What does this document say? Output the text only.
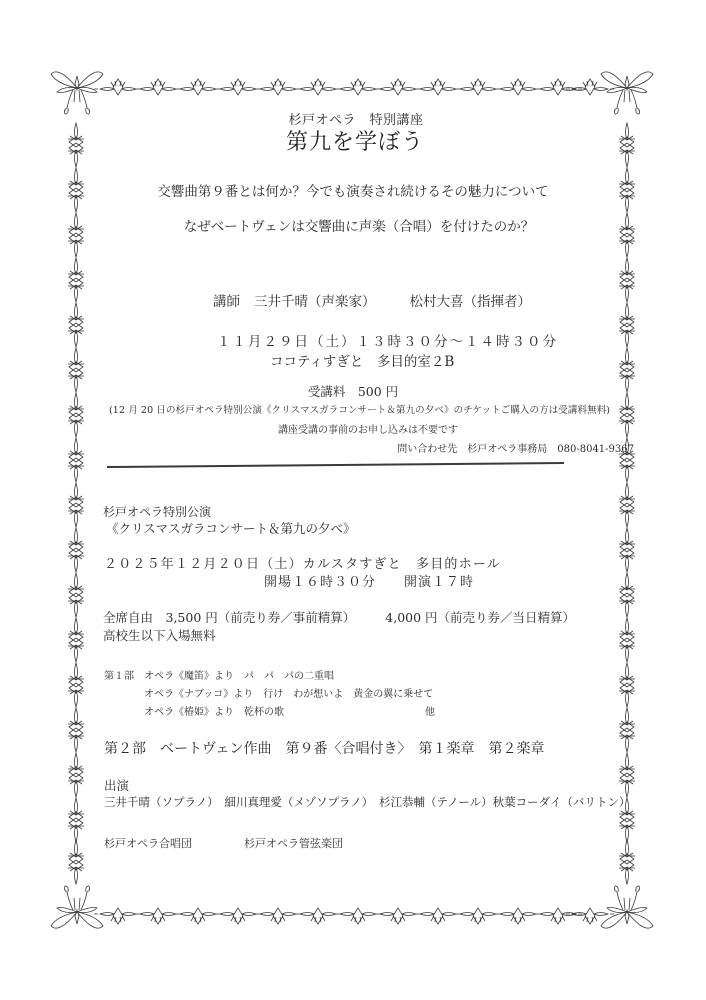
杉戸オペラ　特別講座
第九を学ぼう
交響曲第９番とは何か？今でも演奏され続けるその魅力について
なぜベートヴェンは交響曲に声楽（合唱）を付けたのか？
講師 三井千晴（声楽家）	松村大喜（指揮者）
１１月２９日（土）１３時３０分～１４時３０分
ココティすぎと　多目的室２B
受講料　500 円
(12 月 20 日の杉戸オペラ特別公演《クリスマスガラコンサート＆第九の夕べ》のチケットご購入の方は受講料無料)
講座受講の事前のお申し込みは不要です
問い合わせ先　杉戸オペラ事務局　080-8041-9367
杉戸オペラ特別公演
《クリスマスガラコンサート＆第九の夕べ》
２０２５年１２月２０日（土）カルスタすぎと　多目的ホール
開場１６時３０分　　開演１７時
全席自由　3,500 円（前売り券／事前精算） 4,000 円（前売り券／当日精算）
高校生以下入場無料
第１部 オペラ《魔笛》より　パ　パ　パの二重唱
オペラ《ナブッコ》より　行け　わが想いよ　黄金の翼に乗せて
オペラ《椿姫》より　乾杯の歌	他
第２部　ベートヴェン作曲　第９番〈合唱付き〉　第１楽章　第２楽章
出演
三井千晴（ソプラノ）　細川真理愛（メゾソプラノ）　杉江恭輔（テノール）秋葉コーダイ（バリトン）
杉戸オペラ合唱団	杉戸オペラ管弦楽団
